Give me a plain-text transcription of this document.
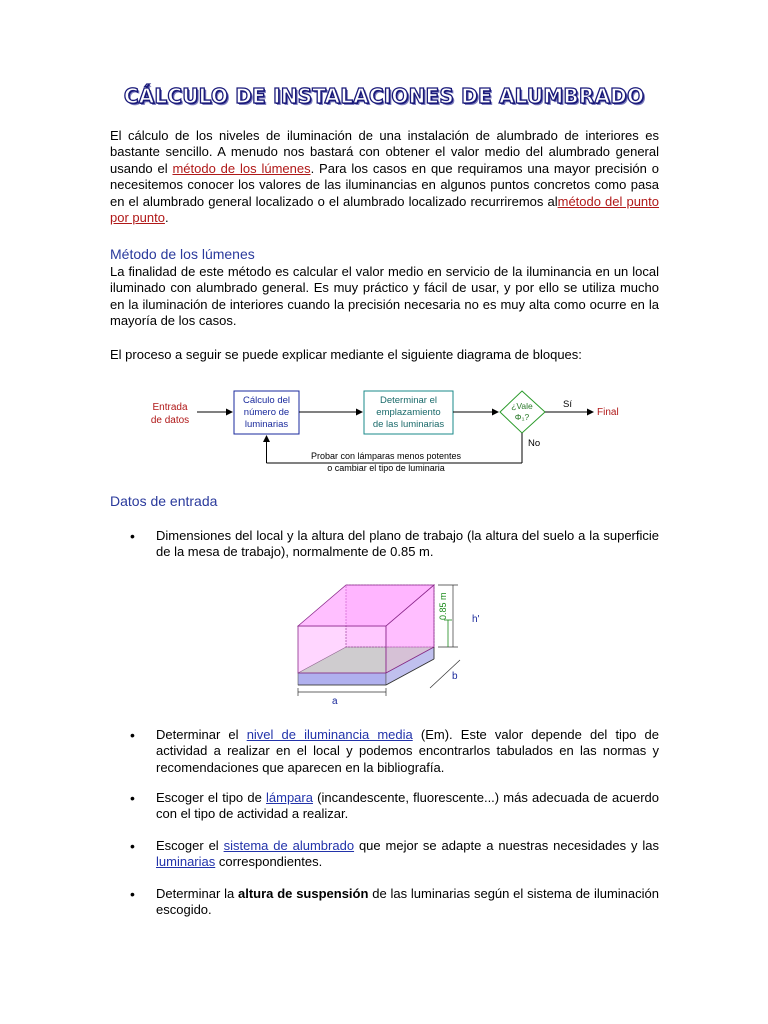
CÁLCULO DE INSTALACIONES DE ALUMBRADO

El cálculo de los niveles de iluminación de una instalación de alumbrado de interiores es bastante sencillo. A menudo nos bastará con obtener el valor medio del alumbrado general usando el método de los lúmenes. Para los casos en que requiramos una mayor precisión o necesitemos conocer los valores de las iluminancias en algunos puntos concretos como pasa en el alumbrado general localizado o el alumbrado localizado recurriremos almétodo del punto por punto.

Método de los lúmenes

La finalidad de este método es calcular el valor medio en servicio de la iluminancia en un local iluminado con alumbrado general. Es muy práctico y fácil de usar, y por ello se utiliza mucho en la iluminación de interiores cuando la precisión necesaria no es muy alta como ocurre en la mayoría de los casos.

El proceso a seguir se puede explicar mediante el siguiente diagrama de bloques:

Entrada
de datos
Cálculo del
número de
luminarias
Determinar el
emplazamiento
de las luminarias
¿Vale
Φ₁?
Sí
Final
No
Probar con lámparas menos potentes
o cambiar el tipo de luminaria

Datos de entrada

• Dimensiones del local y la altura del plano de trabajo (la altura del suelo a la superficie de la mesa de trabajo), normalmente de 0.85 m.

a
b
h'
0.85 m
• Determinar el nivel de iluminancia media (Em). Este valor depende del tipo de actividad a realizar en el local y podemos encontrarlos tabulados en las normas y recomendaciones que aparecen en la bibliografía.

• Escoger el tipo de lámpara (incandescente, fluorescente...) más adecuada de acuerdo con el tipo de actividad a realizar.

• Escoger el sistema de alumbrado que mejor se adapte a nuestras necesidades y las luminarias correspondientes.

• Determinar la altura de suspensión de las luminarias según el sistema de iluminación escogido.
